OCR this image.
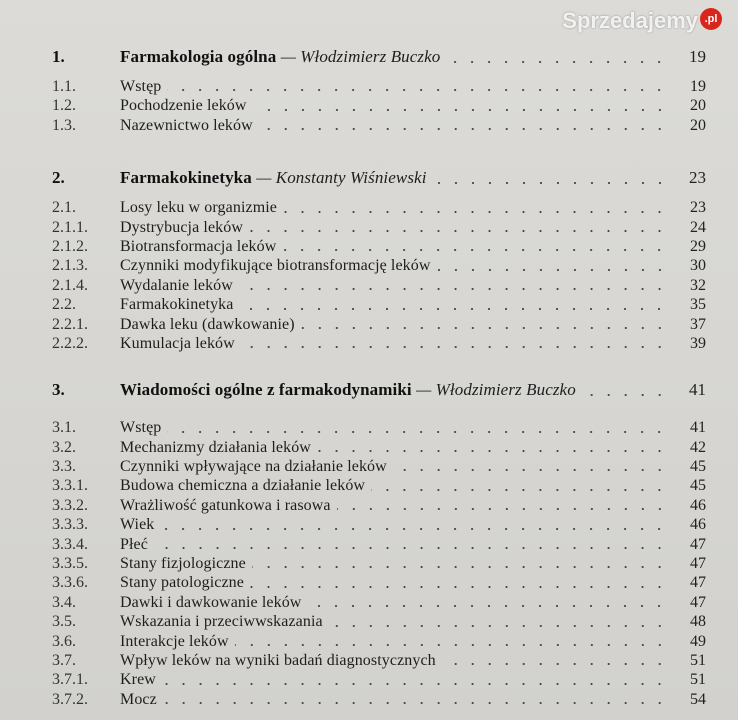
1.	Farmakologia ogólna — Włodzimierz Buczko	19
1.1.	Wstęp	19
1.2.	Pochodzenie leków	20
1.3.	Nazewnictwo leków	20
2.	Farmakokinetyka — Konstanty Wiśniewski	23
2.1.	Losy leku w organizmie	23
2.1.1.	Dystrybucja leków	24
2.1.2.	Biotransformacja leków	29
2.1.3.	Czynniki modyfikujące biotransformację leków	30
2.1.4.	Wydalanie leków	32
2.2.	Farmakokinetyka	35
2.2.1.	Dawka leku (dawkowanie)	37
2.2.2.	Kumulacja leków	39
3.	Wiadomości ogólne z farmakodynamiki — Włodzimierz Buczko	41
3.1.	Wstęp	41
3.2.	Mechanizmy działania leków	42
3.3.	Czynniki wpływające na działanie leków	45
3.3.1.	Budowa chemiczna a działanie leków	45
3.3.2.	Wrażliwość gatunkowa i rasowa	46
3.3.3.	Wiek	46
3.3.4.	Płeć	47
3.3.5.	Stany fizjologiczne	47
3.3.6.	Stany patologiczne	47
3.4.	Dawki i dawkowanie leków	47
3.5.	Wskazania i przeciwwskazania	48
3.6.	Interakcje leków	49
3.7.	Wpływ leków na wyniki badań diagnostycznych	51
3.7.1.	Krew	51
3.7.2.	Mocz	54
Sprzedajemy .pl
